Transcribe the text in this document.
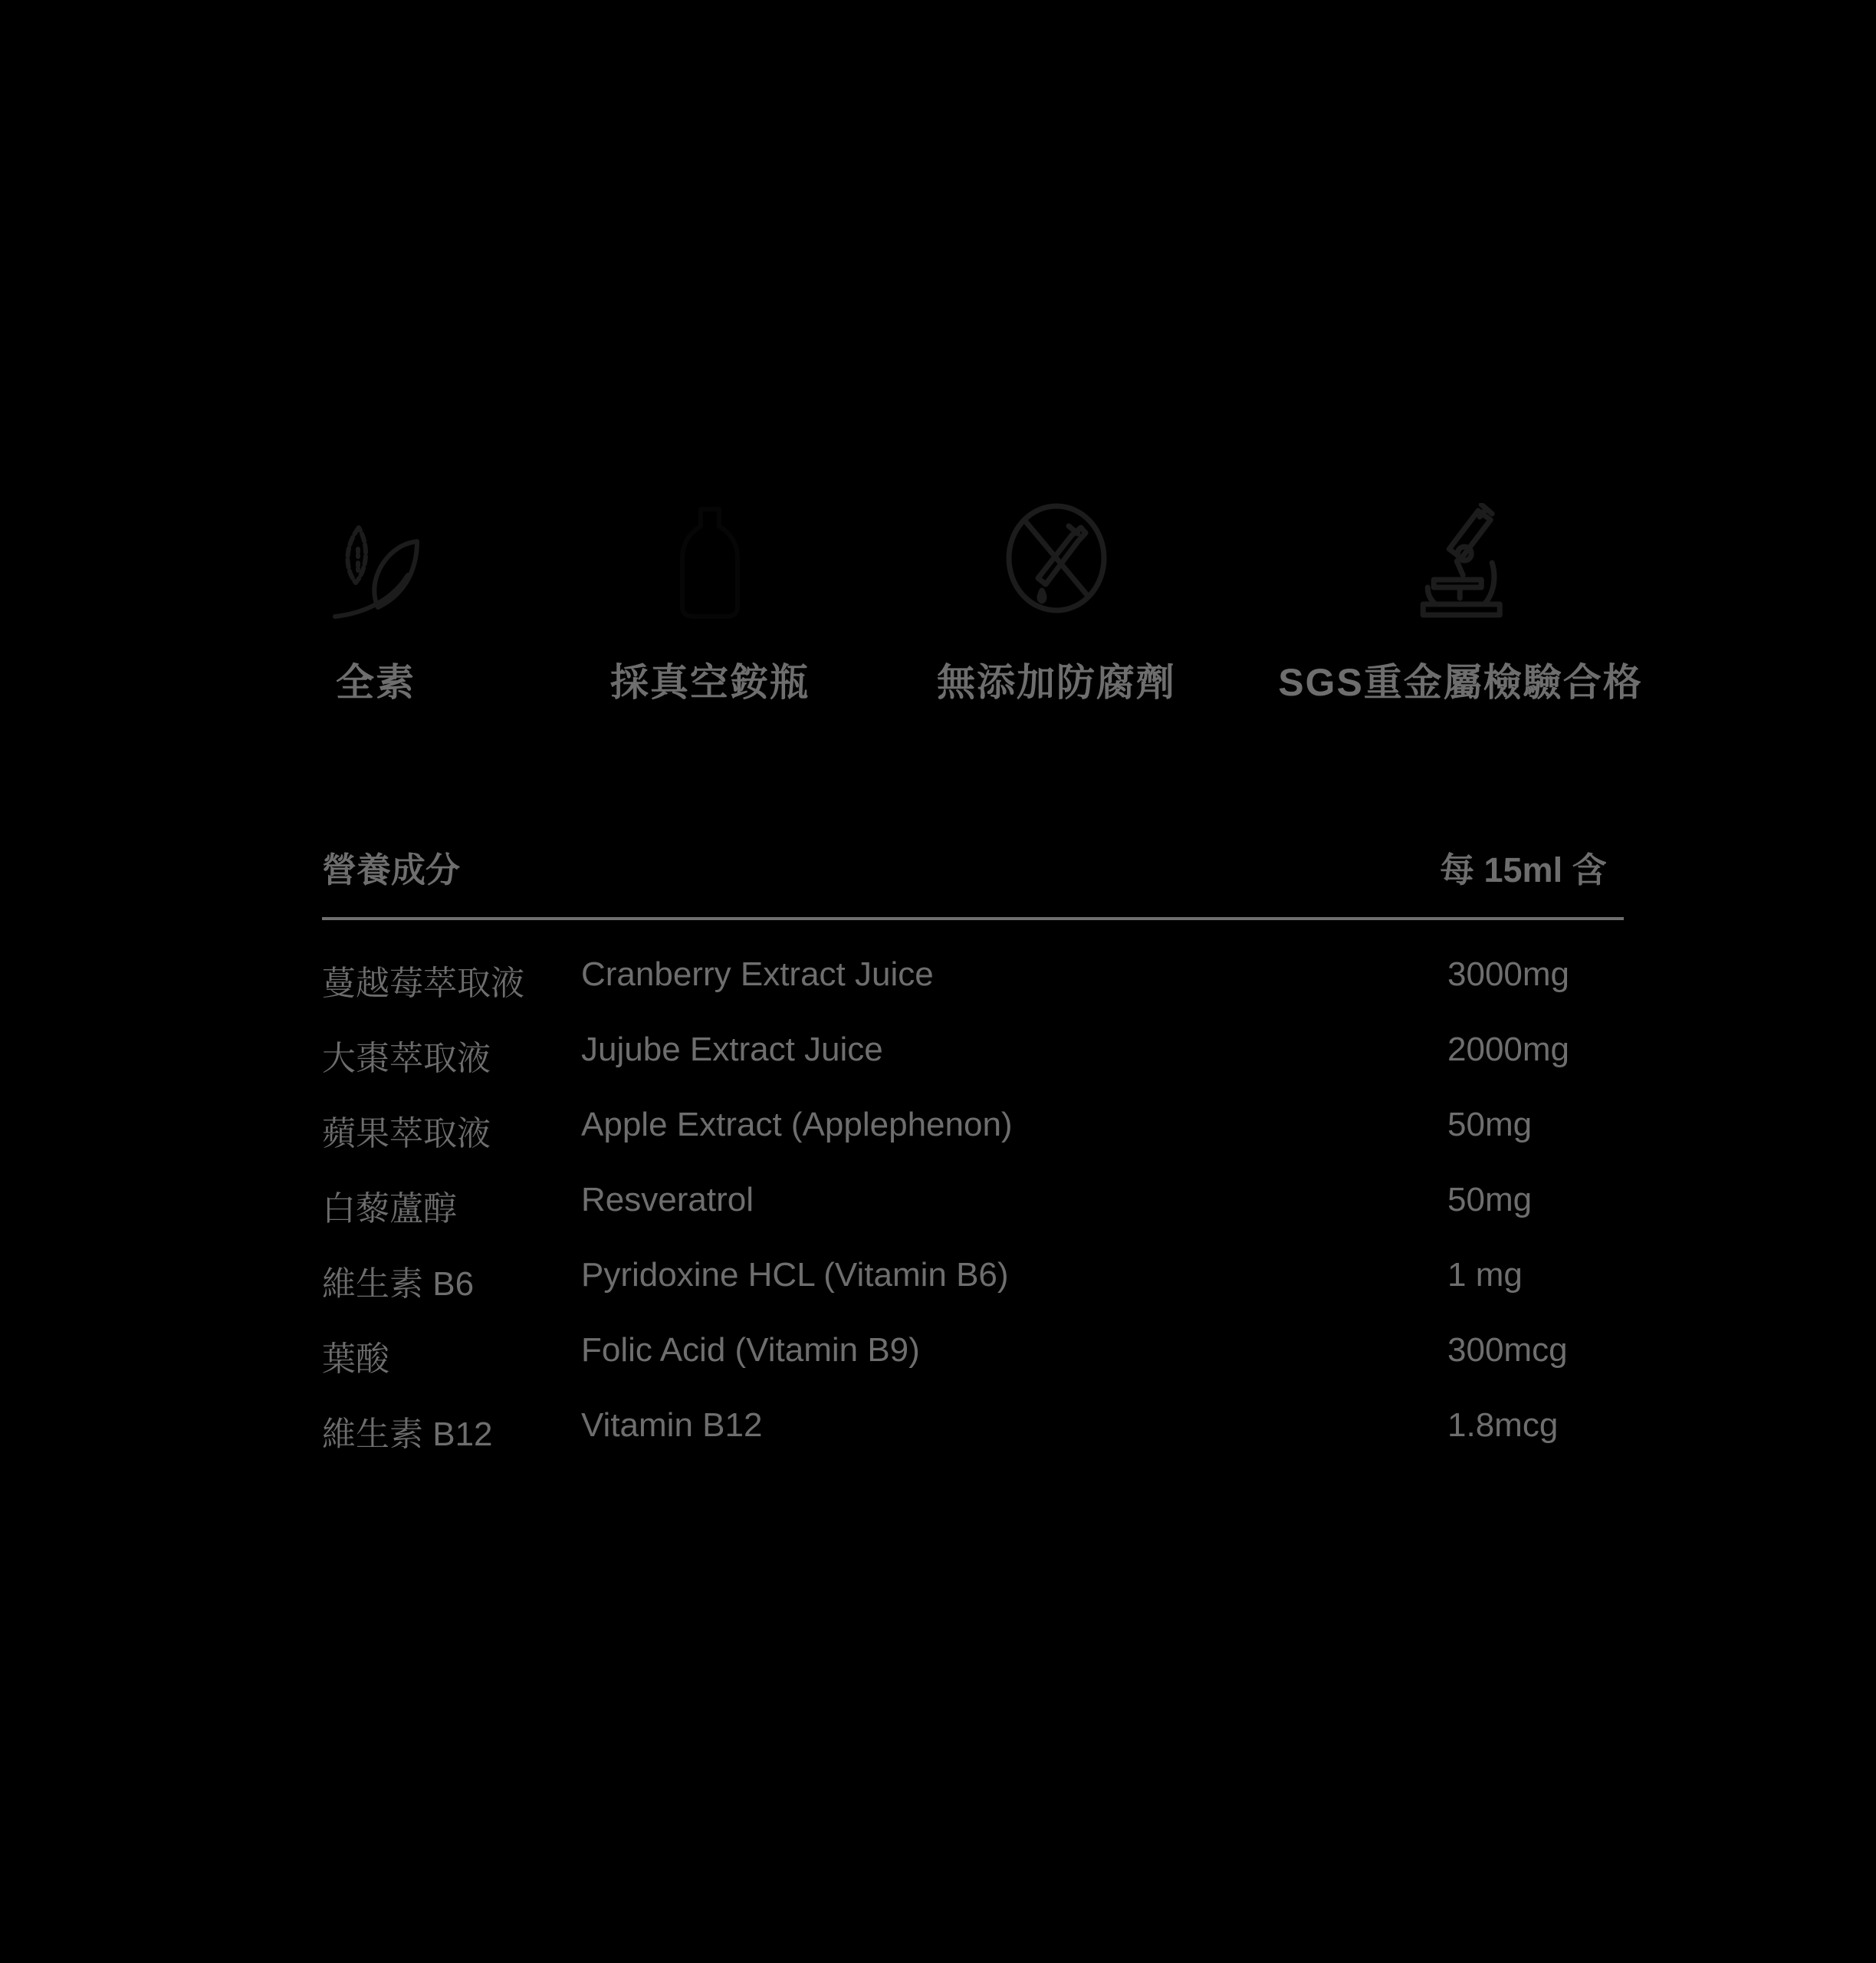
全素	採真空銨瓶	無添加防腐劑	SGS重金屬檢驗合格
營養成分	每 15ml 含
蔓越莓萃取液	Cranberry Extract Juice	3000mg
大棗萃取液	Jujube Extract Juice	2000mg
蘋果萃取液	Apple Extract (Applephenon)	50mg
白藜蘆醇	Resveratrol	50mg
維生素 B6	Pyridoxine HCL (Vitamin B6)	1 mg
葉酸	Folic Acid (Vitamin B9)	300mcg
維生素 B12	Vitamin B12	1.8mcg
